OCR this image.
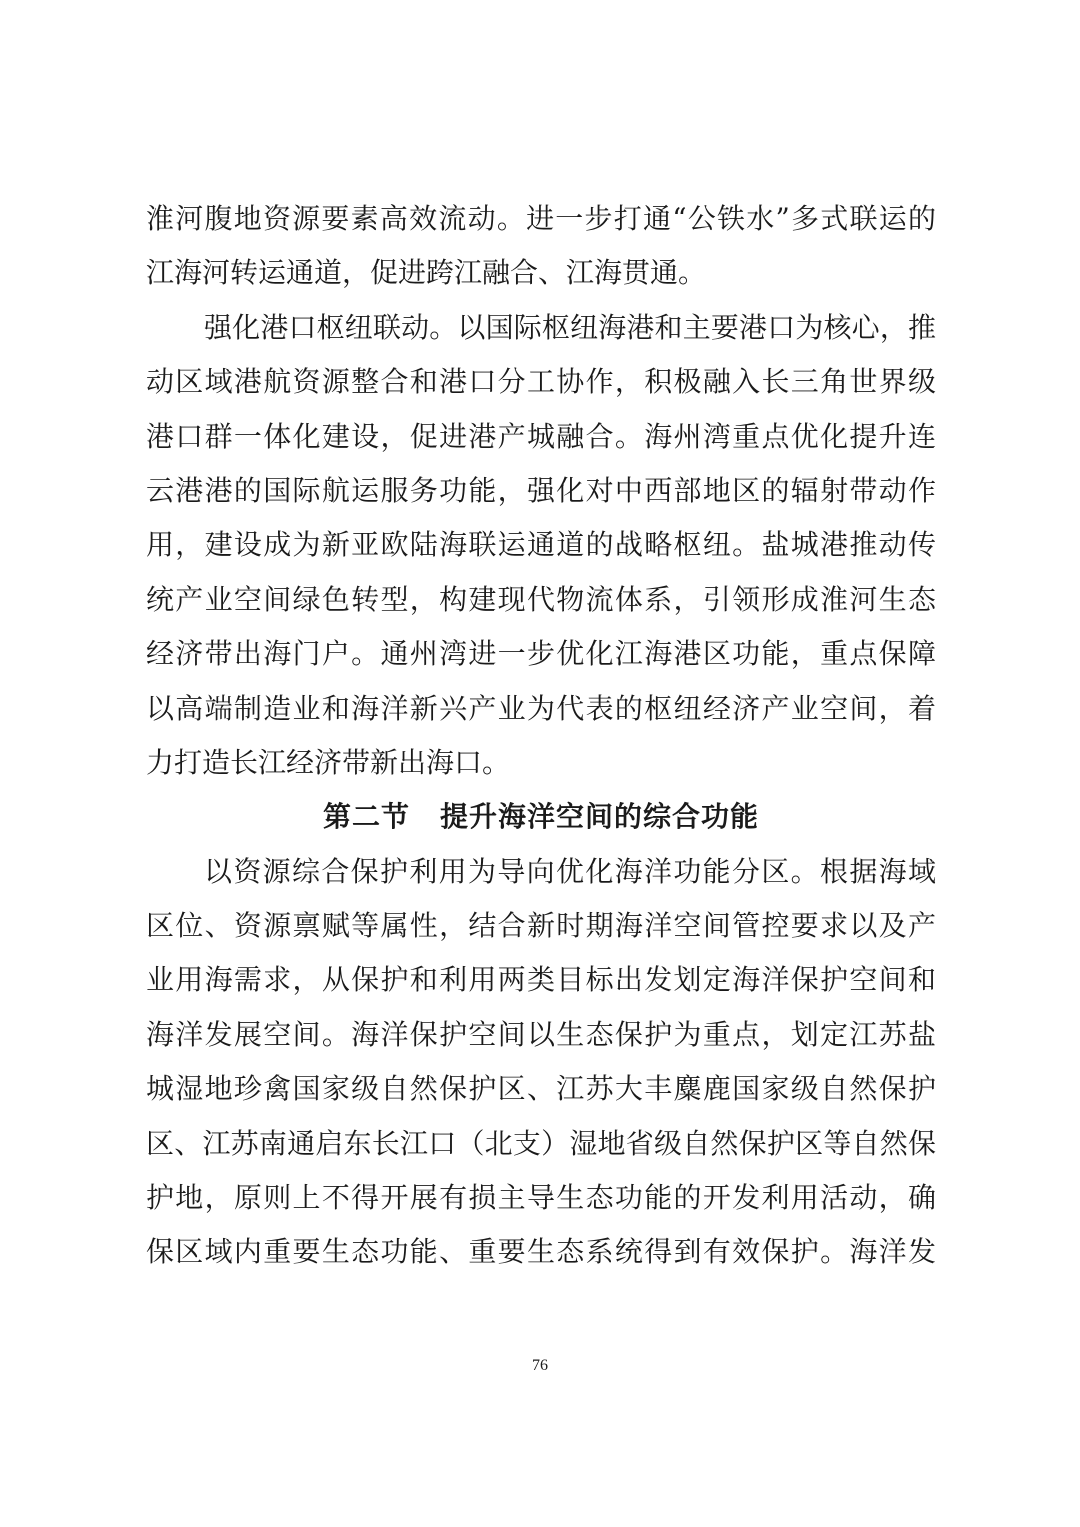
淮河腹地资源要素高效流动。进一步打通“公铁水”多式联运的
江海河转运通道，促进跨江融合、江海贯通。
强化港口枢纽联动。以国际枢纽海港和主要港口为核心，推
动区域港航资源整合和港口分工协作，积极融入长三角世界级
港口群一体化建设，促进港产城融合。海州湾重点优化提升连
云港港的国际航运服务功能，强化对中西部地区的辐射带动作
用，建设成为新亚欧陆海联运通道的战略枢纽。盐城港推动传
统产业空间绿色转型，构建现代物流体系，引领形成淮河生态
经济带出海门户。通州湾进一步优化江海港区功能，重点保障
以高端制造业和海洋新兴产业为代表的枢纽经济产业空间，着
力打造长江经济带新出海口。
第二节 提升海洋空间的综合功能
以资源综合保护利用为导向优化海洋功能分区。根据海域
区位、资源禀赋等属性，结合新时期海洋空间管控要求以及产
业用海需求，从保护和利用两类目标出发划定海洋保护空间和
海洋发展空间。海洋保护空间以生态保护为重点，划定江苏盐
城湿地珍禽国家级自然保护区、江苏大丰麋鹿国家级自然保护
区、江苏南通启东长江口（北支）湿地省级自然保护区等自然保
护地，原则上不得开展有损主导生态功能的开发利用活动，确
保区域内重要生态功能、重要生态系统得到有效保护。海洋发
76
